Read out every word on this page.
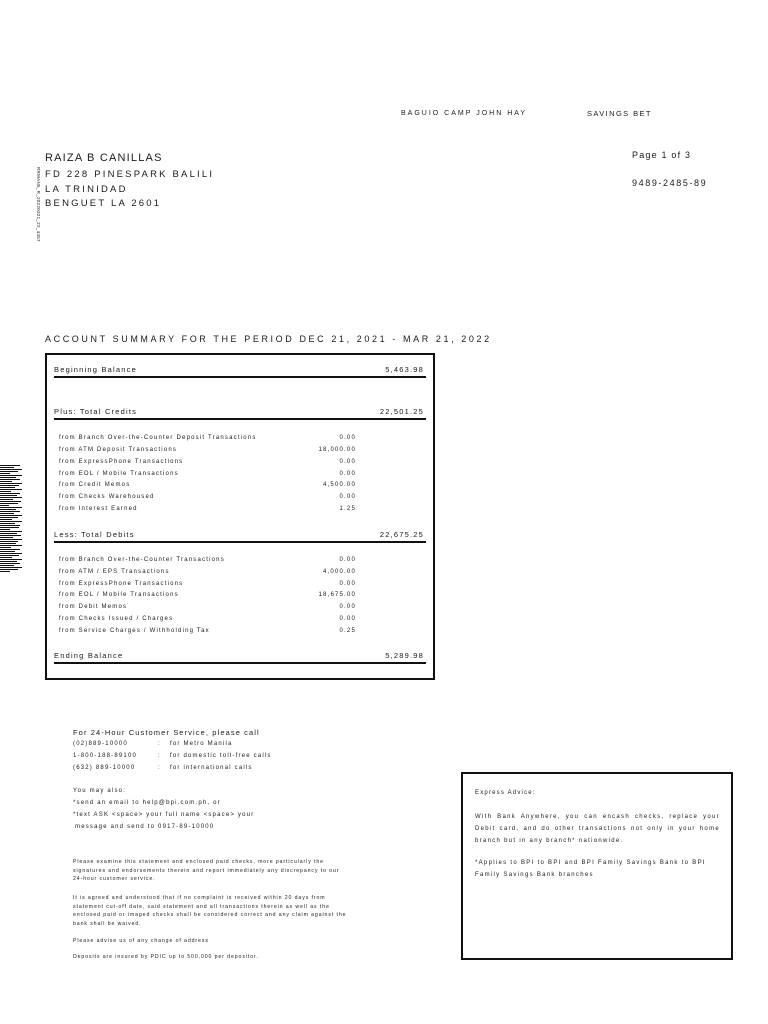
BAGUIO CAMP JOHN HAY	SAVINGS BET
Page 1 of 3
9489-2485-89
RAIZA B CANILLAS
FD 228 PINESPARK BALILI
LA TRINIDAD
BENGUET LA 2601
RRMAN5_R_20220321_22_4457
ACCOUNT SUMMARY FOR THE PERIOD DEC 21, 2021 - MAR 21, 2022
Beginning Balance	5,463.98
Plus: Total Credits	22,501.25
from Branch Over-the-Counter Deposit Transactions	0.00
from ATM Deposit Transactions	18,000.00
from ExpressPhone Transactions	0.00
from EOL / Mobile Transactions	0.00
from Credit Memos	4,500.00
from Checks Warehoused	0.00
from Interest Earned	1.25
Less: Total Debits	22,675.25
from Branch Over-the-Counter Transactions	0.00
from ATM / EPS Transactions	4,000.00
from ExpressPhone Transactions	0.00
from EOL / Mobile Transactions	18,675.00
from Debit Memos	0.00
from Checks Issued / Charges	0.00
from Service Charges / Withholding Tax	0.25
Ending Balance	5,289.98
For 24-Hour Customer Service, please call
(02)889-10000	: for Metro Manila
1-800-188-89100	: for domestic toll-free calls
(632) 889-10000	: for international calls
You may also:
*send an email to help@bpi.com.ph, or
*text ASK <space> your full name <space> your
message and send to 0917-89-10000
Please examine this statement and enclosed paid checks, more particularly the signatures and endorsements therein and report immediately any discrepancy to our 24-hour customer service.
It is agreed and understood that if no complaint is received within 20 days from statement cut-off date, said statement and all transactions therein as well as the enclosed paid or imaged checks shall be considered correct and any claim against the bank shall be waived.
Please advise us of any change of address
Deposits are insured by PDIC up to 500,000 per depositor.
Express Advice:
With Bank Anywhere, you can encash checks, replace your Debit card, and do other transactions not only in your home branch but in any branch* nationwide.
*Applies to BPI to BPI and BPI Family Savings Bank to BPI Family Savings Bank branches
